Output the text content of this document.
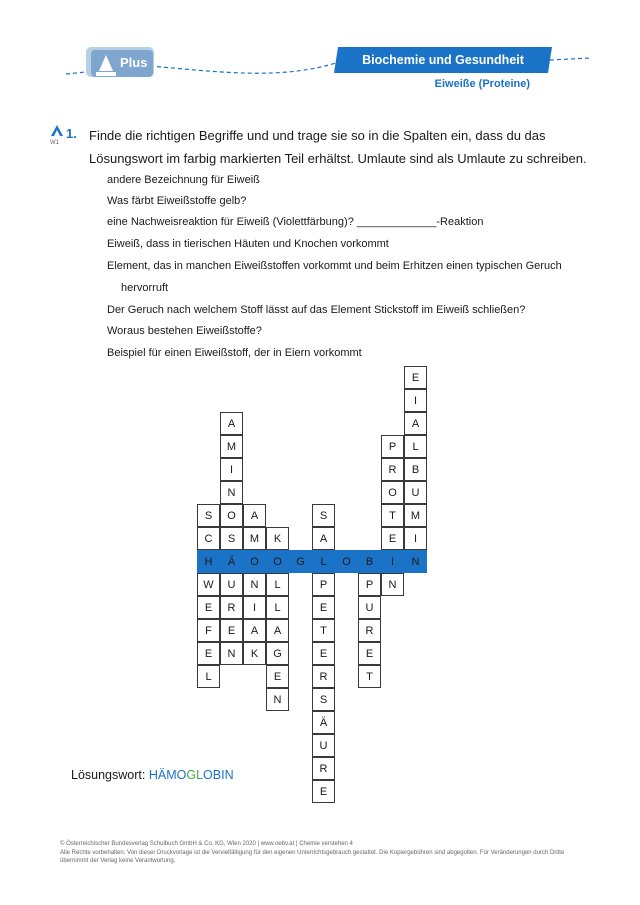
Plus	Biochemie und Gesundheit
Eiweiße (Proteine)
W1
1. Finde die richtigen Begriffe und und trage sie so in die Spalten ein, dass du das Lösungswort im farbig markierten Teil erhältst. Umlaute sind als Umlaute zu schreiben.
andere Bezeichnung für Eiweiß
Was färbt Eiweißstoffe gelb?
eine Nachweisreaktion für Eiweiß (Violettfärbung)? _____________-Reaktion
Eiweiß, dass in tierischen Häuten und Knochen vorkommt
Element, das in manchen Eiweißstoffen vorkommt und beim Erhitzen einen typischen Geruch
hervorruft
Der Geruch nach welchem Stoff lässt auf das Element Stickstoff im Eiweiß schließen?
Woraus bestehen Eiweißstoffe?
Beispiel für einen Eiweißstoff, der in Eiern vorkommt
S
C
H
W
E
F
E
L
A
M
I
N
O
S
Ä
U
R
E
N
A
M
O
N
I
A
K
K
O
L
L
A
G
E
N
G
S
A
L
P
E
T
E
R
S
Ä
U
R
E
O	B
P
U
R
E
T
P
R
O
T
E
I
N
E
I
A
L
B
U
M
I
N
Lösungswort: HÄMOGLOBIN
© Österreichischer Bundesverlag Schulbuch GmbH & Co. KG, Wien 2020 | www.oebv.at | Chemie verstehen 4
Alle Rechte vorbehalten. Von dieser Druckvorlage ist die Vervielfältigung für den eigenen Unterrichtsgebrauch gestattet. Die Kopiergebühren sind abgegolten. Für Veränderungen durch Dritte übernimmt der Verlag keine Verantwortung.
